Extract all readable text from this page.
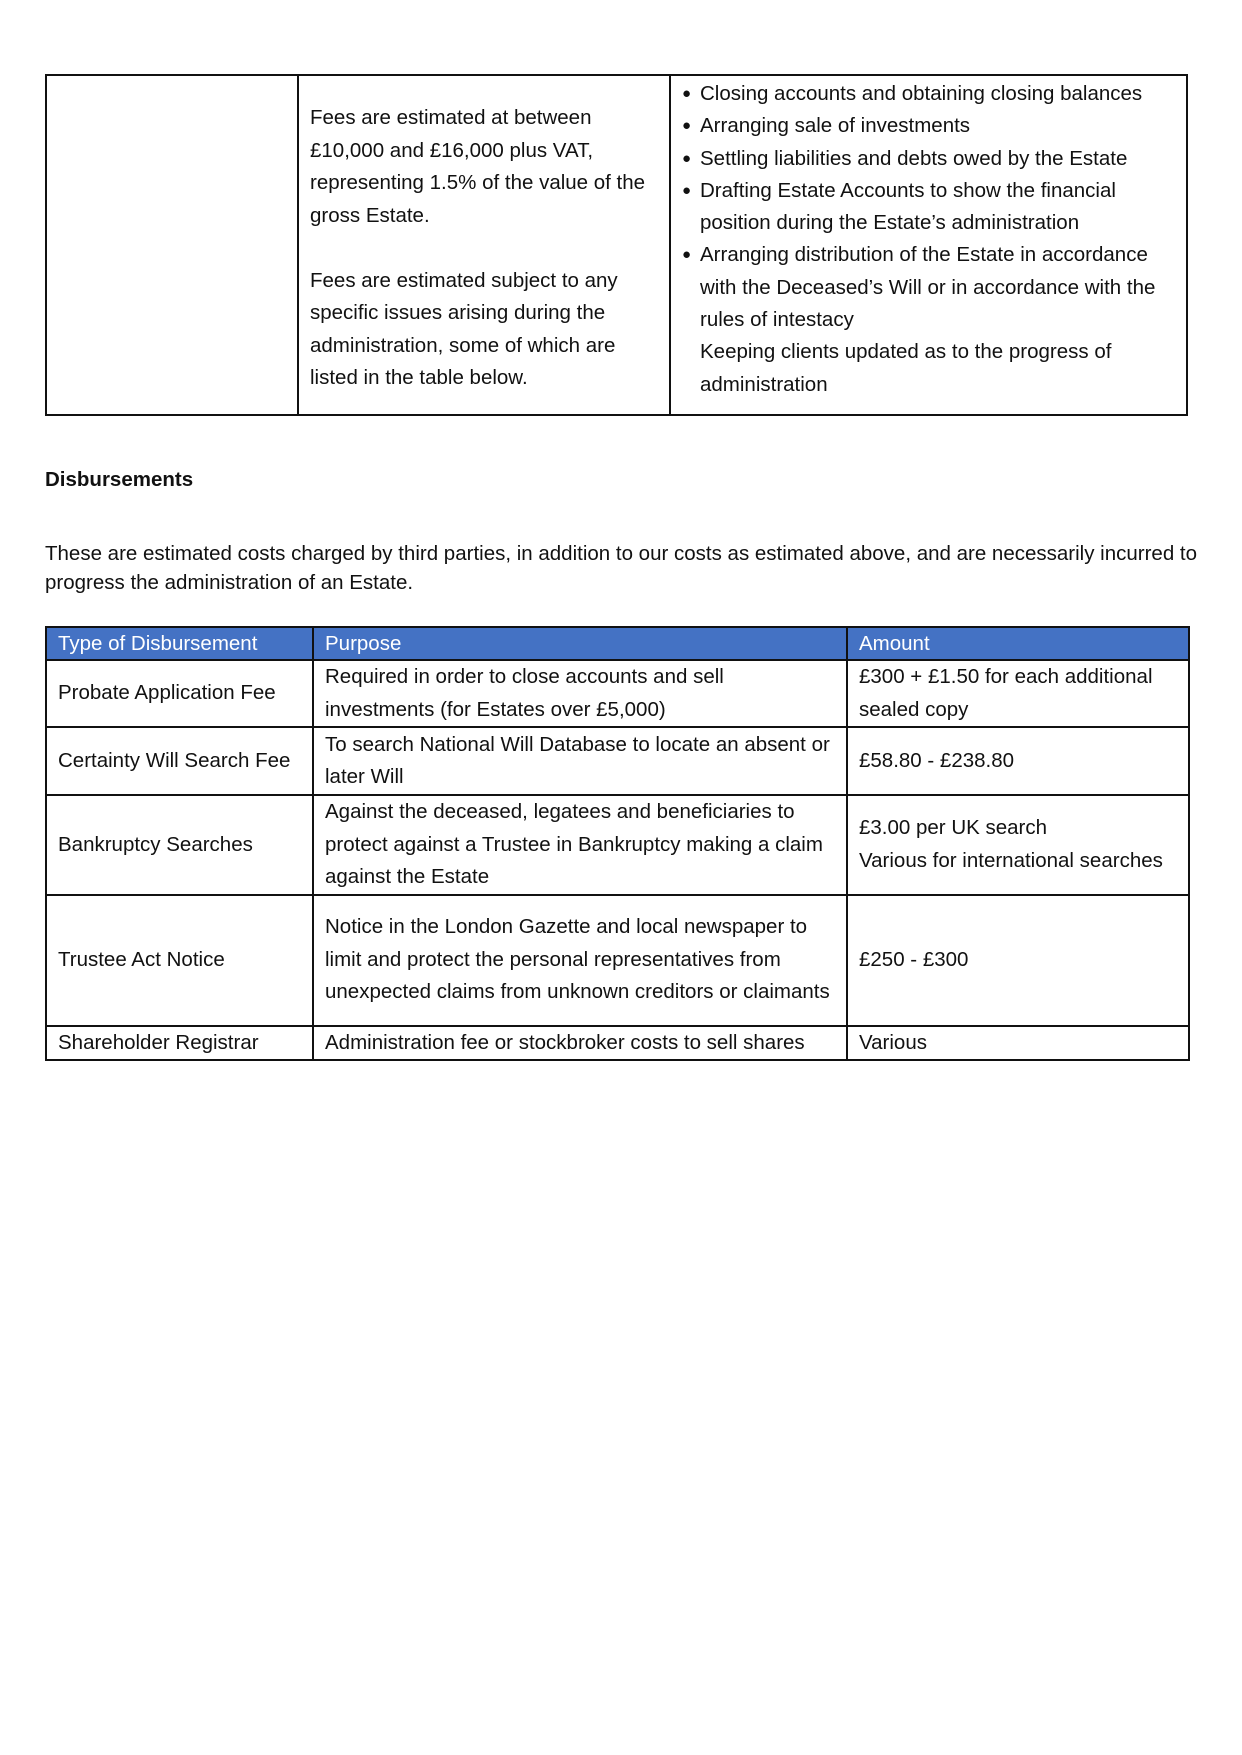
Fees are estimated at between £10,000 and £16,000 plus VAT, representing 1.5% of the value of the gross Estate.

Fees are estimated subject to any specific issues arising during the administration, some of which are listed in the table below.

● Closing accounts and obtaining closing balances
● Arranging sale of investments
● Settling liabilities and debts owed by the Estate
● Drafting Estate Accounts to show the financial position during the Estate’s administration
● Arranging distribution of the Estate in accordance with the Deceased’s Will or in accordance with the rules of intestacy
Keeping clients updated as to the progress of administration
Disbursements

These are estimated costs charged by third parties, in addition to our costs as estimated above, and are necessarily incurred to progress the administration of an Estate.

Type of Disbursement	Purpose	Amount
Probate Application Fee	Required in order to close accounts and sell investments (for Estates over £5,000)	£300 + £1.50 for each additional sealed copy

Certainty Will Search Fee	To search National Will Database to locate an absent or later Will	£58.80 - £238.80

Bankruptcy Searches	Against the deceased, legatees and beneficiaries to protect against a Trustee in Bankruptcy making a claim against the Estate	£3.00 per UK search
Various for international searches

Trustee Act Notice	Notice in the London Gazette and local newspaper to limit and protect the personal representatives from unexpected claims from unknown creditors or claimants	£250 - £300

Shareholder Registrar	Administration fee or stockbroker costs to sell shares	Various
